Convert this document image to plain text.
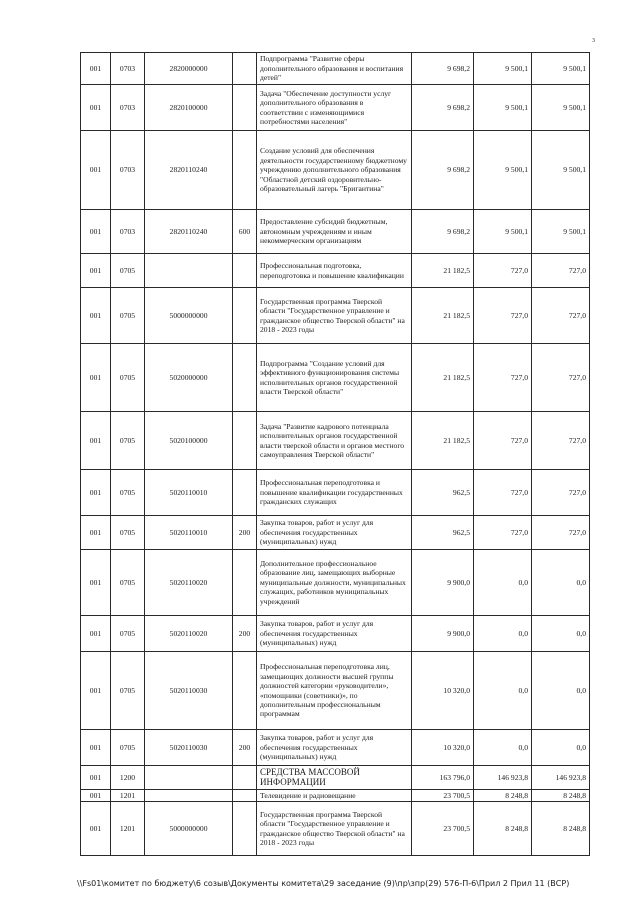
3
001	0703	2820000000		Подпрограмма "Развитие сферы дополнительного образования и воспитания детей"	9 698,2	9 500,1	9 500,1
001	0703	2820100000		Задача "Обеспечение доступности услуг дополнительного образования в соответствии с изменяющимися потребностями населения"	9 698,2	9 500,1	9 500,1
001	0703	2820110240		Создание условий для обеспечения деятельности государственному бюджетному учреждению дополнительного образования "Областной детский оздоровительно-образовательный лагерь "Бригантина"	9 698,2	9 500,1	9 500,1
001	0703	2820110240	600	Предоставление субсидий бюджетным, автономным учреждениям и иным некоммерческим организациям	9 698,2	9 500,1	9 500,1
001	0705			Профессиональная подготовка, переподготовка и повышение квалификации	21 182,5	727,0	727,0
001	0705	5000000000		Государственная программа Тверской области "Государственное управление и гражданское общество Тверской области" на 2018 - 2023 годы	21 182,5	727,0	727,0
001	0705	5020000000		Подпрограмма "Создание условий для эффективного функционирования системы исполнительных органов государственной власти Тверской области"	21 182,5	727,0	727,0
001	0705	5020100000		Задача "Развитие кадрового потенциала исполнительных органов государственной власти тверской области и органов местного самоуправления Тверской области"	21 182,5	727,0	727,0
001	0705	5020110010		Профессиональная переподготовка и повышение квалификации государственных гражданских служащих	962,5	727,0	727,0
001	0705	5020110010	200	Закупка товаров, работ и услуг для обеспечения государственных (муниципальных) нужд	962,5	727,0	727,0
001	0705	5020110020		Дополнительное профессиональное образование лиц, замещающих выборные муниципальные должности, муниципальных служащих, работников муниципальных учреждений	9 900,0	0,0	0,0
001	0705	5020110020	200	Закупка товаров, работ и услуг для обеспечения государственных (муниципальных) нужд	9 900,0	0,0	0,0
001	0705	5020110030		Профессиональная переподготовка лиц, замещающих должности высшей группы должностей категории «руководители», «помощники (советники)», по дополнительным профессиональным программам	10 320,0	0,0	0,0
001	0705	5020110030	200	Закупка товаров, работ и услуг для обеспечения государственных (муниципальных) нужд	10 320,0	0,0	0,0
001	1200			СРЕДСТВА МАССОВОЙ ИНФОРМАЦИИ	163 796,0	146 923,8	146 923,8
001	1201			Телевидение и радиовещание	23 700,5	8 248,8	8 248,8
001	1201	5000000000		Государственная программа Тверской области "Государственное управление и гражданское общество Тверской области" на 2018 - 2023 годы	23 700,5	8 248,8	8 248,8
\\Fs01\комитет по бюджету\6 созыв\Документы комитета\29 заседание (9)\пр\зпр(29) 576-П-6\Прил 2 Прил 11 (ВСР)
